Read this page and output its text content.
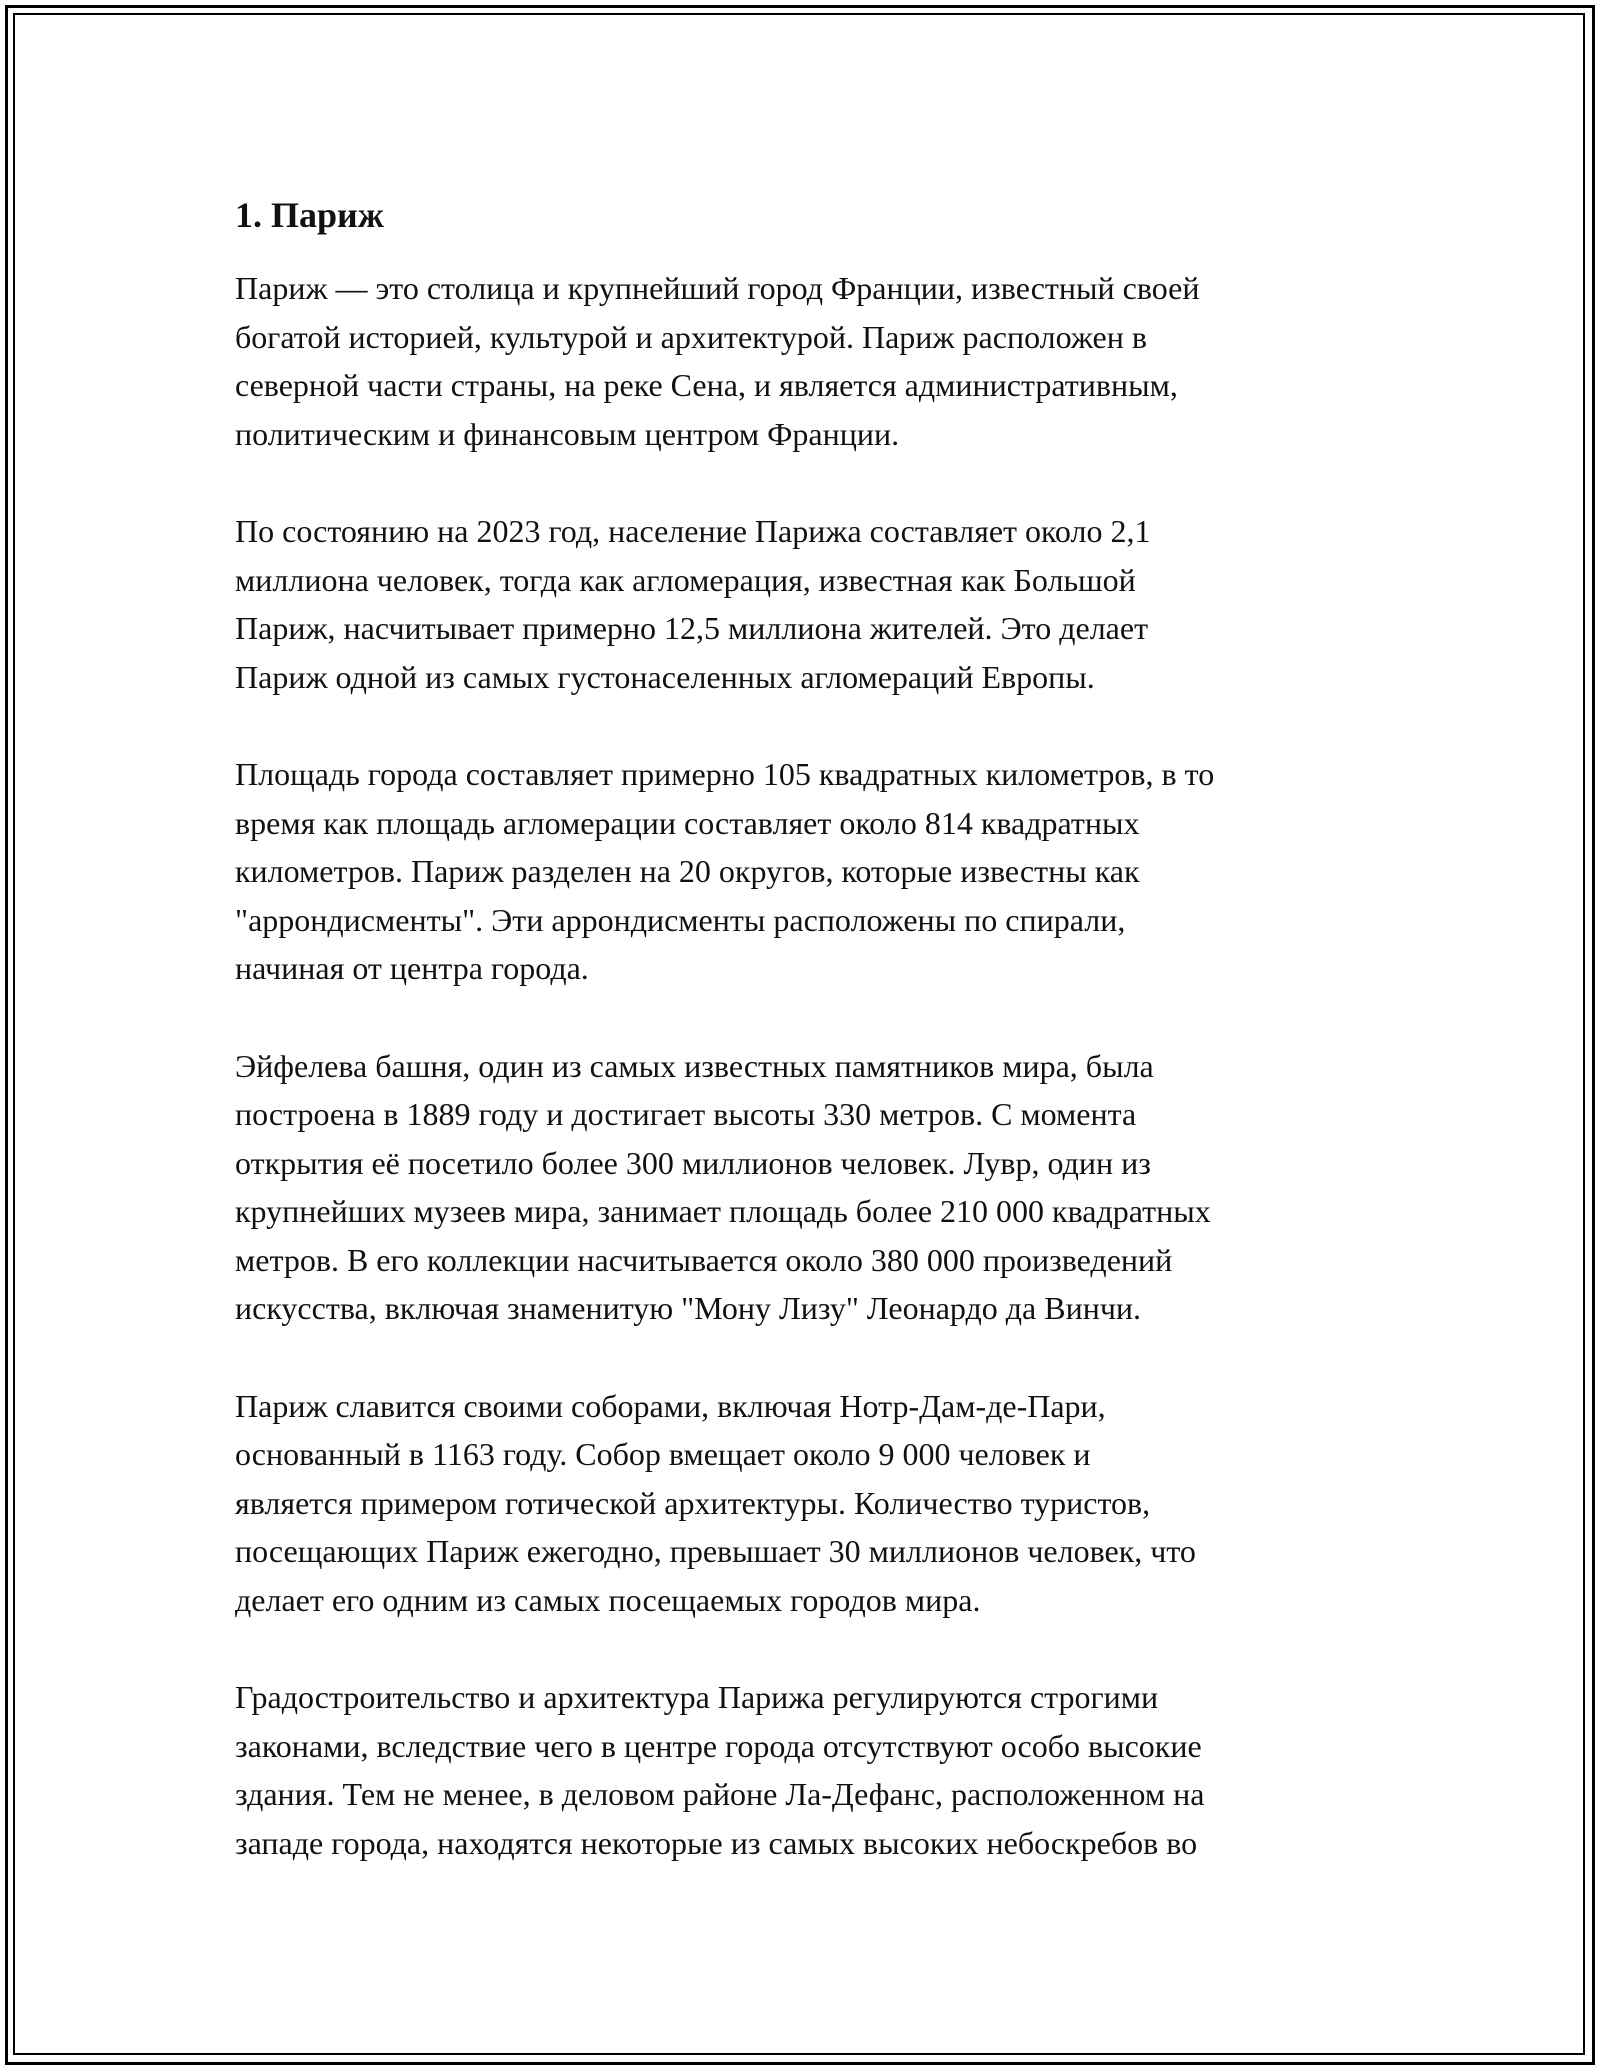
1. Париж

Париж — это столица и крупнейший город Франции, известный своей
богатой историей, культурой и архитектурой. Париж расположен в
северной части страны, на реке Сена, и является административным,
политическим и финансовым центром Франции.

По состоянию на 2023 год, население Парижа составляет около 2,1
миллиона человек, тогда как агломерация, известная как Большой
Париж, насчитывает примерно 12,5 миллиона жителей. Это делает
Париж одной из самых густонаселенных агломераций Европы.

Площадь города составляет примерно 105 квадратных километров, в то
время как площадь агломерации составляет около 814 квадратных
километров. Париж разделен на 20 округов, которые известны как
"аррондисменты". Эти аррондисменты расположены по спирали,
начиная от центра города.

Эйфелева башня, один из самых известных памятников мира, была
построена в 1889 году и достигает высоты 330 метров. С момента
открытия её посетило более 300 миллионов человек. Лувр, один из
крупнейших музеев мира, занимает площадь более 210 000 квадратных
метров. В его коллекции насчитывается около 380 000 произведений
искусства, включая знаменитую "Мону Лизу" Леонардо да Винчи.

Париж славится своими соборами, включая Нотр-Дам-де-Пари,
основанный в 1163 году. Собор вмещает около 9 000 человек и
является примером готической архитектуры. Количество туристов,
посещающих Париж ежегодно, превышает 30 миллионов человек, что
делает его одним из самых посещаемых городов мира.

Градостроительство и архитектура Парижа регулируются строгими
законами, вследствие чего в центре города отсутствуют особо высокие
здания. Тем не менее, в деловом районе Ла-Дефанс, расположенном на
западе города, находятся некоторые из самых высоких небоскребов во
